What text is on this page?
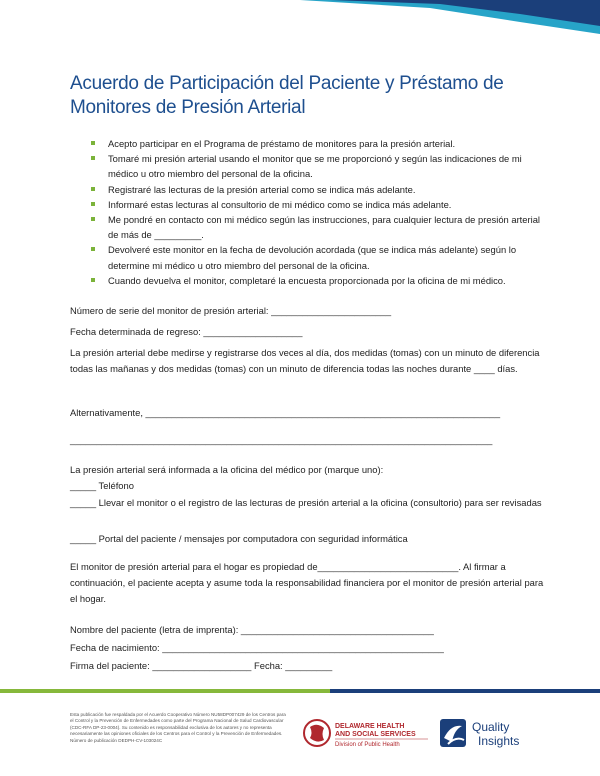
Acuerdo de Participación del Paciente y Préstamo de Monitores de Presión Arterial
Acepto participar en el Programa de préstamo de monitores para la presión arterial.
Tomaré mi presión arterial usando el monitor que se me proporcionó y según las indicaciones de mi médico u otro miembro del personal de la oficina.
Registraré las lecturas de la presión arterial como se indica más adelante.
Informaré estas lecturas al consultorio de mi médico como se indica más adelante.
Me pondré en contacto con mi médico según las instrucciones, para cualquier lectura de presión arterial de más de _________.
Devolveré este monitor en la fecha de devolución acordada (que se indica más adelante) según lo determine mi médico u otro miembro del personal de la oficina.
Cuando devuelva el monitor, completaré la encuesta proporcionada por la oficina de mi médico.
Número de serie del monitor de presión arterial: _______________________
Fecha determinada de regreso: ___________________
La presión arterial debe medirse y registrarse dos veces al día, dos medidas (tomas) con un minuto de diferencia todas las mañanas y dos medidas (tomas) con un minuto de diferencia todas las noches durante ____ días.
Alternativamente, ____________________________________________________________________
_________________________________________________________________________________
La presión arterial será informada a la oficina del médico por (marque uno):
_____ Teléfono
_____ Llevar el monitor o el registro de las lecturas de presión arterial a la oficina (consultorio) para ser revisadas
_____ Portal del paciente / mensajes por computadora con seguridad informática
El monitor de presión arterial para el hogar es propiedad de___________________________. Al firmar a continuación, el paciente acepta y asume toda la responsabilidad financiera por el monitor de presión arterial para el hogar.
Nombre del paciente (letra de imprenta): _____________________________________
Fecha de nacimiento: ______________________________________________________
Firma del paciente: ___________________ Fecha: _________
Esta publicación fue respaldada por el Acuerdo Cooperativo Número NU58DP007429 de los Centros para el Control y la Prevención de Enfermedades como parte del Programa Nacional de Salud Cardiovascular (CDC-RFA DP-23-0004). Su contenido es responsabilidad exclusiva de los autores y no representa necesariamente las opiniones oficiales de los Centros para el Control y la Prevención de Enfermedades. Número de publicación DEDPH-CV-103024C
DELAWARE HEALTH
AND SOCIAL SERVICES
Division of Public Health
Quality
Insights
